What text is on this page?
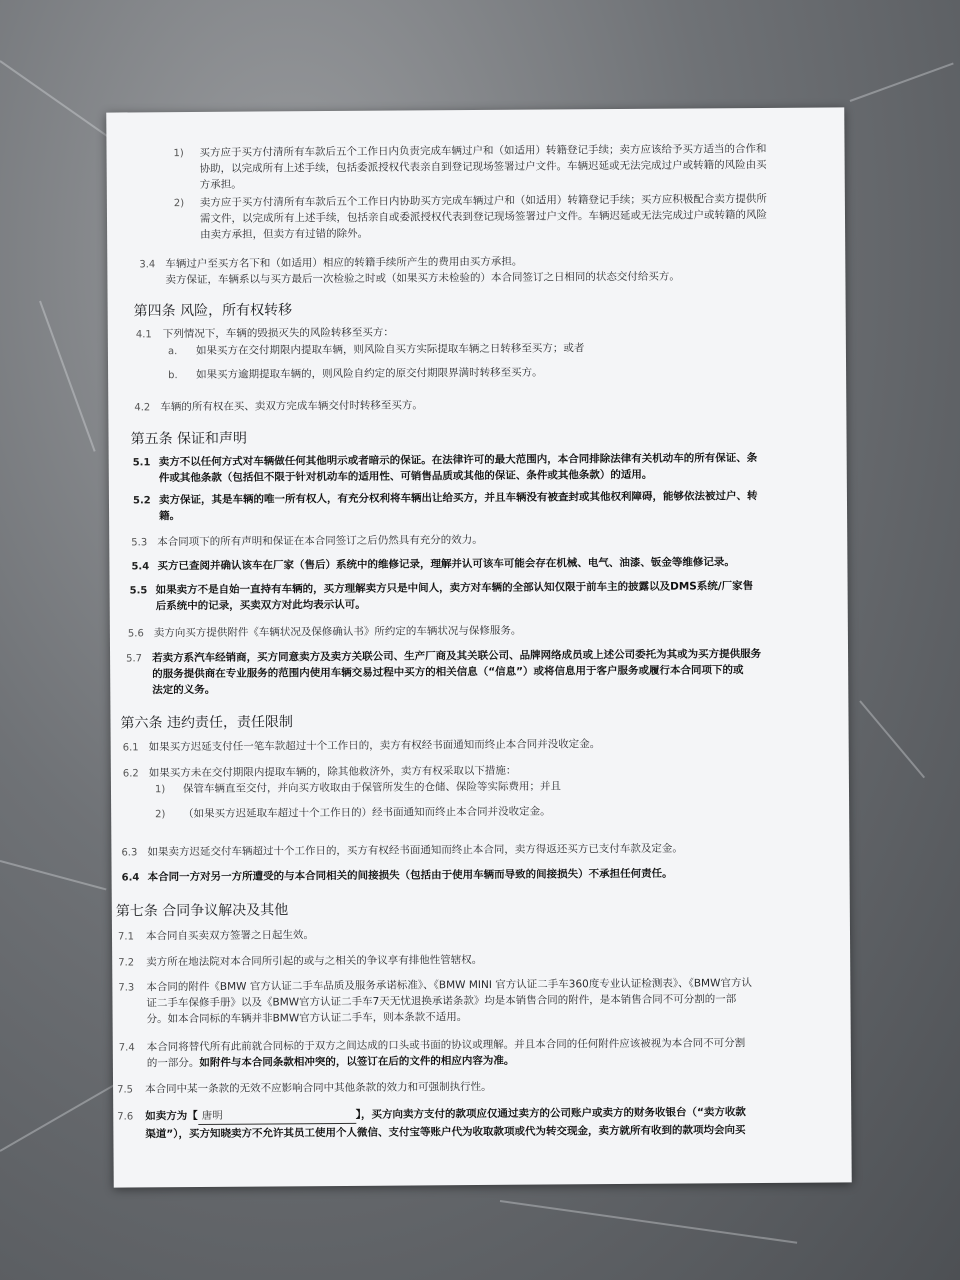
1) 买方应于买方付清所有车款后五个工作日内负责完成车辆过户和（如适用）转籍登记手续；卖方应该给予买方适当的合作和
协助，以完成所有上述手续，包括委派授权代表亲自到登记现场签署过户文件。车辆迟延或无法完成过户或转籍的风险由买
方承担。
2) 卖方应于买方付清所有车款后五个工作日内协助买方完成车辆过户和（如适用）转籍登记手续；买方应积极配合卖方提供所
需文件，以完成所有上述手续，包括亲自或委派授权代表到登记现场签署过户文件。车辆迟延或无法完成过户或转籍的风险
由卖方承担，但卖方有过错的除外。
3.4 车辆过户至买方名下和（如适用）相应的转籍手续所产生的费用由买方承担。
卖方保证，车辆系以与买方最后一次检验之时或（如果买方未检验的）本合同签订之日相同的状态交付给买方。
第四条 风险，所有权转移
4.1 下列情况下，车辆的毁损灭失的风险转移至买方：
a. 如果买方在交付期限内提取车辆，则风险自买方实际提取车辆之日转移至买方；或者
b. 如果买方逾期提取车辆的，则风险自约定的原交付期限界满时转移至买方。
4.2 车辆的所有权在买、卖双方完成车辆交付时转移至买方。
第五条 保证和声明
5.1 卖方不以任何方式对车辆做任何其他明示或者暗示的保证。在法律许可的最大范围内，本合同排除法律有关机动车的所有保证、条
件或其他条款（包括但不限于针对机动车的适用性、可销售品质或其他的保证、条件或其他条款）的适用。
5.2 卖方保证，其是车辆的唯一所有权人，有充分权利将车辆出让给买方，并且车辆没有被查封或其他权利障碍，能够依法被过户、转
籍。
5.3 本合同项下的所有声明和保证在本合同签订之后仍然具有充分的效力。
5.4 买方已查阅并确认该车在厂家（售后）系统中的维修记录，理解并认可该车可能会存在机械、电气、油漆、钣金等维修记录。
5.5 如果卖方不是自始一直持有车辆的，买方理解卖方只是中间人，卖方对车辆的全部认知仅限于前车主的披露以及DMS系统/厂家售
后系统中的记录，买卖双方对此均表示认可。
5.6 卖方向买方提供附件《车辆状况及保修确认书》所约定的车辆状况与保修服务。
5.7 若卖方系汽车经销商，买方同意卖方及卖方关联公司、生产厂商及其关联公司、品牌网络成员或上述公司委托为其或为买方提供服务
的服务提供商在专业服务的范围内使用车辆交易过程中买方的相关信息（“信息”）或将信息用于客户服务或履行本合同项下的或
法定的义务。
第六条 违约责任，责任限制
6.1 如果买方迟延支付任一笔车款超过十个工作日的，卖方有权经书面通知而终止本合同并没收定金。
6.2 如果买方未在交付期限内提取车辆的，除其他救济外，卖方有权采取以下措施：
1) 保管车辆直至交付，并向买方收取由于保管所发生的仓储、保险等实际费用；并且
2) （如果买方迟延取车超过十个工作日的）经书面通知而终止本合同并没收定金。
6.3 如果卖方迟延交付车辆超过十个工作日的，买方有权经书面通知而终止本合同，卖方得返还买方已支付车款及定金。
6.4 本合同一方对另一方所遭受的与本合同相关的间接损失（包括由于使用车辆而导致的间接损失）不承担任何责任。
第七条 合同争议解决及其他
7.1 本合同自买卖双方签署之日起生效。
7.2 卖方所在地法院对本合同所引起的或与之相关的争议享有排他性管辖权。
7.3 本合同的附件《BMW 官方认证二手车品质及服务承诺标准》、《BMW MINI 官方认证二手车360度专业认证检测表》、《BMW官方认
证二手车保修手册》以及《BMW官方认证二手车7天无忧退换承诺条款》均是本销售合同的附件，是本销售合同不可分割的一部
分。如本合同标的车辆并非BMW官方认证二手车，则本条款不适用。
7.4 本合同将替代所有此前就合同标的于双方之间达成的口头或书面的协议或理解。并且本合同的任何附件应该被视为本合同不可分割
的一部分。如附件与本合同条款相冲突的，以签订在后的文件的相应内容为准。
7.5 本合同中某一条款的无效不应影响合同中其他条款的效力和可强制执行性。
7.6 如卖方为【 唐明	】，买方向卖方支付的款项应仅通过卖方的公司账户或卖方的财务收银台（“卖方收款
渠道”），买方知晓卖方不允许其员工使用个人微信、支付宝等账户代为收取款项或代为转交现金，卖方就所有收到的款项均会向买
